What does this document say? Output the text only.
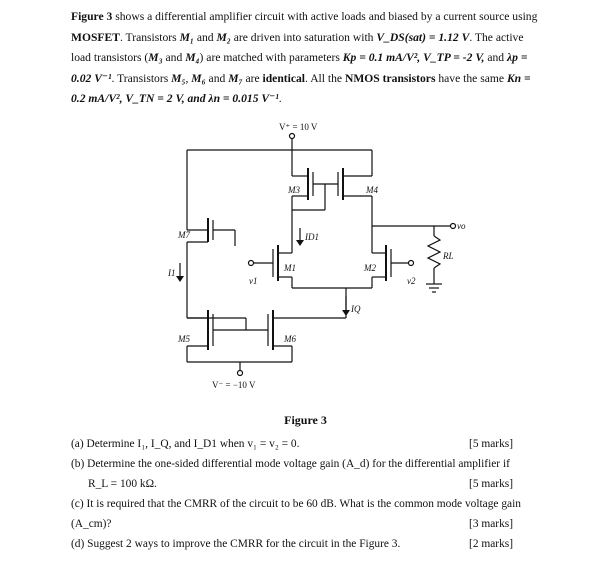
Figure 3 shows a differential amplifier circuit with active loads and biased by a current source using MOSFET. Transistors M₁ and M₂ are driven into saturation with V_DS(sat) = 1.12 V. The active load transistors (M₃ and M₄) are matched with parameters Kp = 0.1 mA/V², V_TP = -2 V, and λp = 0.02 V⁻¹. Transistors M₅, M₆ and M₇ are identical. All the NMOS transistors have the same Kn = 0.2 mA/V², V_TN = 2 V, and λn = 0.015 V⁻¹.

V⁺ = 10 V
V⁻ = −10 V
M3	M4
M1	M2
M7
M5	M6
I1
IQ
ID1
v1	v2
vo
RL
Figure 3
(a) Determine I₁, I_Q, and I_D1 when v₁ = v₂ = 0.	[5 marks]
(b) Determine the one-sided differential mode voltage gain (A_d) for the differential amplifier if
R_L = 100 kΩ.	[5 marks]
(c) It is required that the CMRR of the circuit to be 60 dB. What is the common mode voltage gain
(A_cm)?	[3 marks]
(d) Suggest 2 ways to improve the CMRR for the circuit in the Figure 3.	[2 marks]
